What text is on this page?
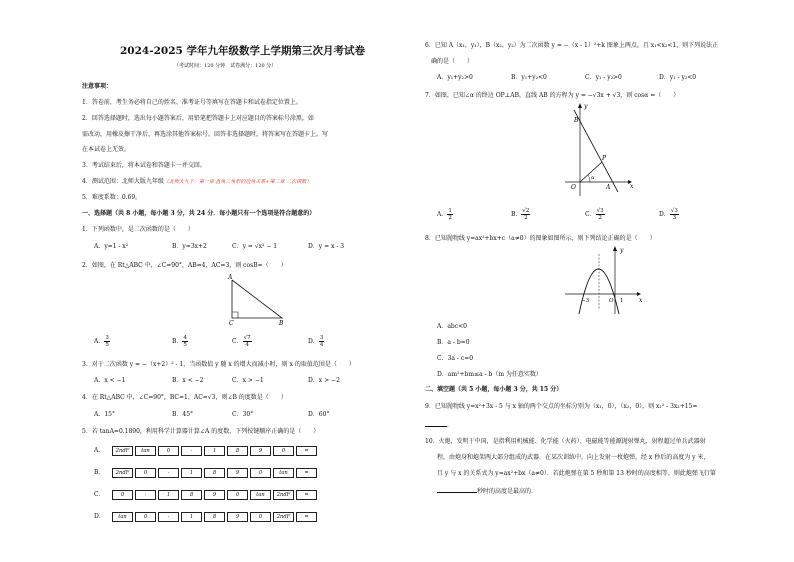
2024-2025 学年九年级数学上学期第三次月考试卷
（考试时间：120 分钟　试卷满分：120 分）
注意事项：
1．答卷前，考生务必将自己的姓名、准考证号等填写在答题卡和试卷指定位置上。
2．回答选择题时，选出每小题答案后，用铅笔把答题卡上对应题目的答案标号涂黑。如
需改动，用橡皮擦干净后，再选涂其他答案标号。回答非选择题时，将答案写在答题卡上。写
在本试卷上无效。
3．考试结束后，将本试卷和答题卡一并交回。
4．测试范围：北师大版九年级（北师大九下：第一章 直角三角形的边角关系+第二章 二次函数）
5．难度系数：0.69。
一、选择题（共 8 小题，每小题 3 分，共 24 分．每小题只有一个选项是符合题意的）
1．下列函数中，是二次函数的是（　　）
A．y=1 - x²	B．y=3x+2	C．y = √x² − 1	D．y = x - 3
2．如图，在 Rt△ABC 中，∠C=90°，AB=4，AC=3，则 cosB=（　　）
A
C	B
A． $\frac{3}{5}$	B． $\frac{4}{5}$	C． $\frac{√7}{4}$	D． $\frac{3}{4}$
3．对于二次函数 y = −（x+2）² - 1，当函数值 y 随 x 的增大而减小时，则 x 的取值范围是（　　）
A．x < −1	B．x < −2	C．x > −1	D．x > −2
4．在 Rt△ABC 中，∠C=90°，BC=1，AC=√3，则∠B 的度数是（　　）
A．15°	B．45°	C．30°	D．60°
5．若 tanA=0.1890，利用科学计算器计算∠A 的度数，下列按键顺序正确的是（　　）
A．	2ndF	tan	0	·	1	8	9	0	=
B．	2ndF	0	·	1	8	9	0	tan	=
C．	0	·	1	8	9	0	tan	2ndF	=
D．	tan	0	·	1	8	9	0	2ndF	=
6．已知 A（x₁，y₁），B（x₂，y₂）为二次函数 y = −（x - 1）²+k 图象上两点，且 x₁<x₂<1，则下列说法正
确的是（　　）
A．y₁+y₂>0	B．y₁+y₂<0	C．y₁ - y₂>0	D．y₁ - y₂<0
7．如图，已知∠α 的终边 OP⊥AB，直线 AB 的方程为 y = −√3x + √3，则 cosα =（　　）
B
P
O	A	x
y
α
A． $\frac{1}{2}$	B． $\frac{√2}{2}$	C． $\frac{√3}{2}$	D． $\frac{√3}{3}$
8．已知抛物线 y=ax²+bx+c（a≠0）的图象如图所示，则下列结论正确的是（　　）
y
x
−3	O 1
A．abc<0
B．a - b=0
C．3a - c=0
D．am²+bm≤a - b（m 为任意实数）
二、填空题（共 5 小题，每小题 3 分，共 15 分）
9．已知抛物线 y=x²+3x - 5 与 x 轴的两个交点的坐标分别为（x₁，0），（x₂，0），则 x₁² - 3x₂+15=
．
10．火炮，发明于中国，是指利用机械能、化学能（火药）、电磁能等能源抛射弹丸，射程超过单兵武器射
程，由炮身和炮架两大部分组成的武器．在某次训练中，向上发射一枚炮弹，经 x 秒后的高度为 y 米，
且 y 与 x 的关系式为 y=ax²+bx（a≠0）．若此炮弹在第 5 秒和第 13 秒时的高度相等，则此炮弹飞行第
秒时的高度是最高的．
